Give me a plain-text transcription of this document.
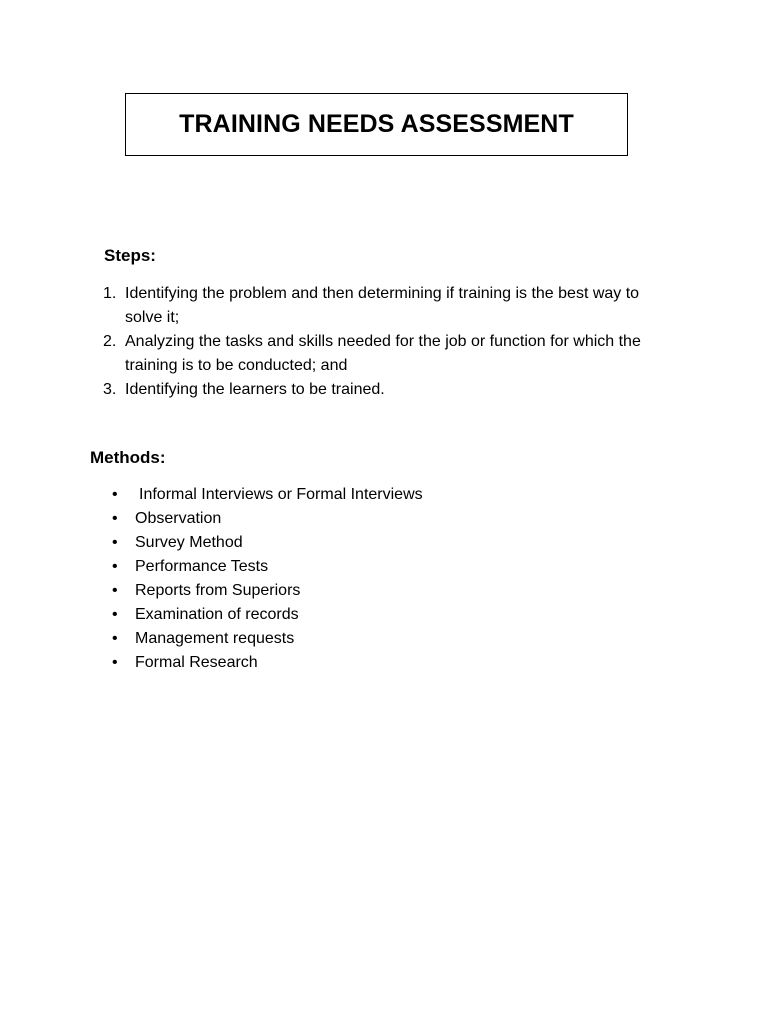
TRAINING NEEDS ASSESSMENT
Steps:
1. Identifying the problem and then determining if training is the best way to solve it;
2. Analyzing the tasks and skills needed for the job or function for which the training is to be conducted; and
3. Identifying the learners to be trained.
Methods:
• Informal Interviews or Formal Interviews
• Observation
• Survey Method
• Performance Tests
• Reports from Superiors
• Examination of records
• Management requests
• Formal Research
